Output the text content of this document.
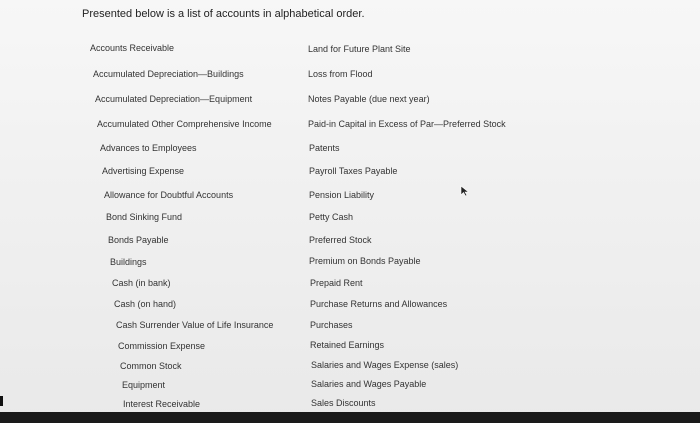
Presented below is a list of accounts in alphabetical order.
Accounts Receivable
Accumulated Depreciation—Buildings
Accumulated Depreciation—Equipment
Accumulated Other Comprehensive Income
Advances to Employees
Advertising Expense
Allowance for Doubtful Accounts
Bond Sinking Fund
Bonds Payable
Buildings
Cash (in bank)
Cash (on hand)
Cash Surrender Value of Life Insurance
Commission Expense
Common Stock
Equipment
Interest Receivable
Land for Future Plant Site
Loss from Flood
Notes Payable (due next year)
Paid-in Capital in Excess of Par—Preferred Stock
Patents
Payroll Taxes Payable
Pension Liability
Petty Cash
Preferred Stock
Premium on Bonds Payable
Prepaid Rent
Purchase Returns and Allowances
Purchases
Retained Earnings
Salaries and Wages Expense (sales)
Salaries and Wages Payable
Sales Discounts
